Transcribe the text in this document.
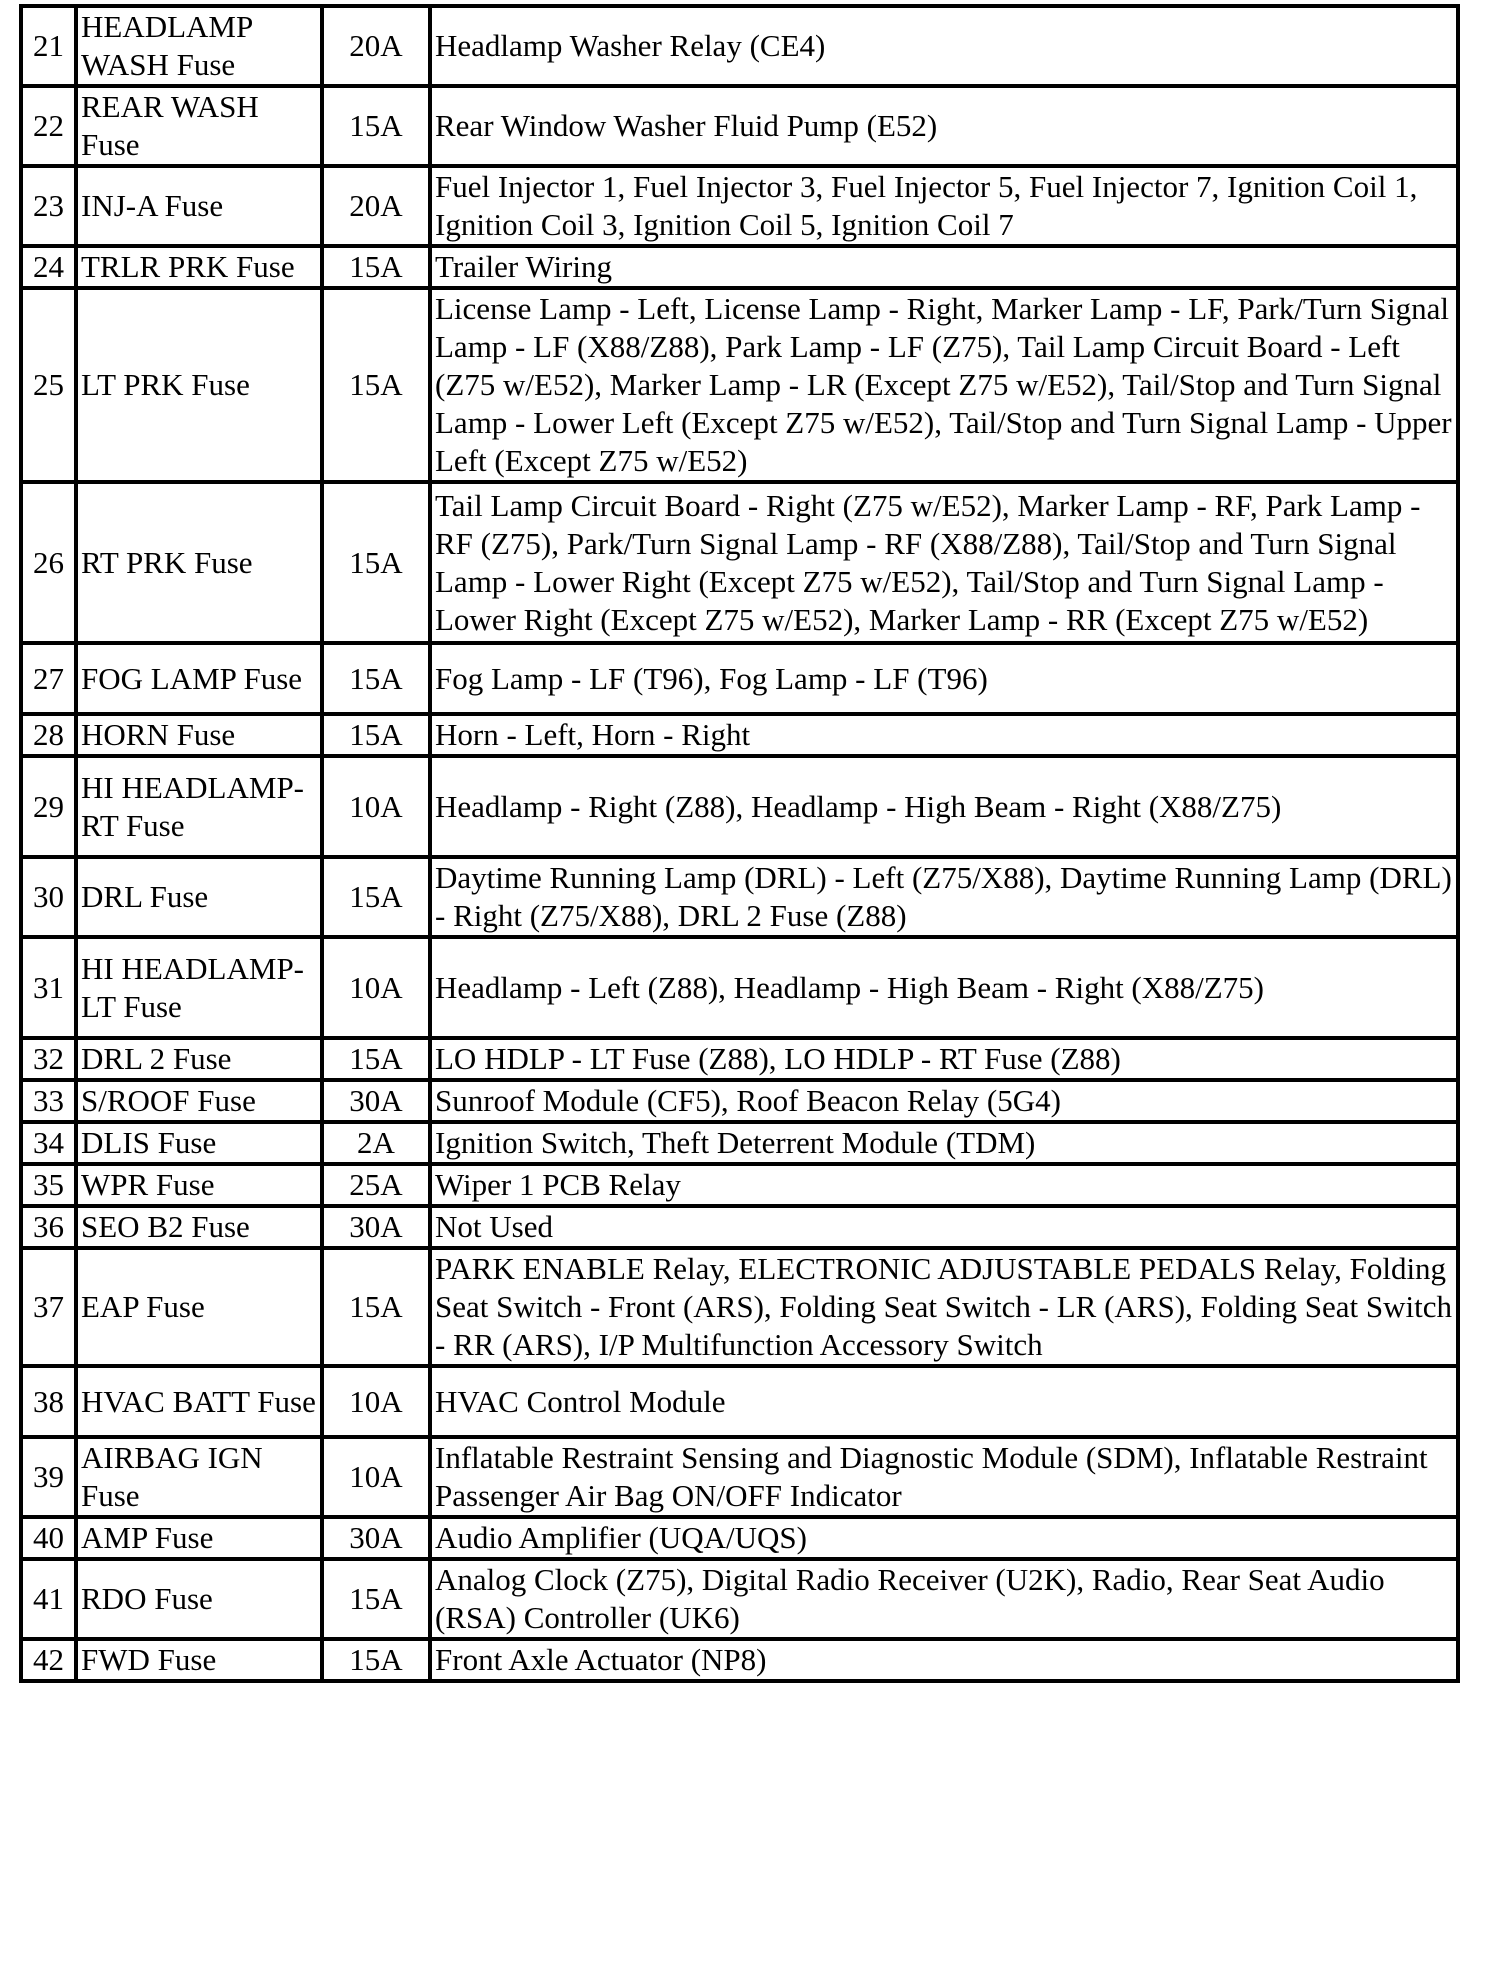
21	HEADLAMP WASH Fuse	20A	Headlamp Washer Relay (CE4)
22	REAR WASH Fuse	15A	Rear Window Washer Fluid Pump (E52)
23	INJ-A Fuse	20A	Fuel Injector 1, Fuel Injector 3, Fuel Injector 5, Fuel Injector 7, Ignition Coil 1, Ignition Coil 3, Ignition Coil 5, Ignition Coil 7
24	TRLR PRK Fuse	15A	Trailer Wiring
25	LT PRK Fuse	15A	License Lamp - Left, License Lamp - Right, Marker Lamp - LF, Park/Turn Signal Lamp - LF (X88/Z88), Park Lamp - LF (Z75), Tail Lamp Circuit Board - Left (Z75 w/E52), Marker Lamp - LR (Except Z75 w/E52), Tail/Stop and Turn Signal Lamp - Lower Left (Except Z75 w/E52), Tail/Stop and Turn Signal Lamp - Upper Left (Except Z75 w/E52)
26	RT PRK Fuse	15A	Tail Lamp Circuit Board - Right (Z75 w/E52), Marker Lamp - RF, Park Lamp - RF (Z75), Park/Turn Signal Lamp - RF (X88/Z88), Tail/Stop and Turn Signal Lamp - Lower Right (Except Z75 w/E52), Tail/Stop and Turn Signal Lamp - Lower Right (Except Z75 w/E52), Marker Lamp - RR (Except Z75 w/E52)
27	FOG LAMP Fuse	15A	Fog Lamp - LF (T96), Fog Lamp - LF (T96)
28	HORN Fuse	15A	Horn - Left, Horn - Right
29	HI HEADLAMP-RT Fuse	10A	Headlamp - Right (Z88), Headlamp - High Beam - Right (X88/Z75)
30	DRL Fuse	15A	Daytime Running Lamp (DRL) - Left (Z75/X88), Daytime Running Lamp (DRL) - Right (Z75/X88), DRL 2 Fuse (Z88)
31	HI HEADLAMP-LT Fuse	10A	Headlamp - Left (Z88), Headlamp - High Beam - Right (X88/Z75)
32	DRL 2 Fuse	15A	LO HDLP - LT Fuse (Z88), LO HDLP - RT Fuse (Z88)
33	S/ROOF Fuse	30A	Sunroof Module (CF5), Roof Beacon Relay (5G4)
34	DLIS Fuse	2A	Ignition Switch, Theft Deterrent Module (TDM)
35	WPR Fuse	25A	Wiper 1 PCB Relay
36	SEO B2 Fuse	30A	Not Used
37	EAP Fuse	15A	PARK ENABLE Relay, ELECTRONIC ADJUSTABLE PEDALS Relay, Folding Seat Switch - Front (ARS), Folding Seat Switch - LR (ARS), Folding Seat Switch - RR (ARS), I/P Multifunction Accessory Switch
38	HVAC BATT Fuse	10A	HVAC Control Module
39	AIRBAG IGN Fuse	10A	Inflatable Restraint Sensing and Diagnostic Module (SDM), Inflatable Restraint Passenger Air Bag ON/OFF Indicator
40	AMP Fuse	30A	Audio Amplifier (UQA/UQS)
41	RDO Fuse	15A	Analog Clock (Z75), Digital Radio Receiver (U2K), Radio, Rear Seat Audio (RSA) Controller (UK6)
42	FWD Fuse	15A	Front Axle Actuator (NP8)
